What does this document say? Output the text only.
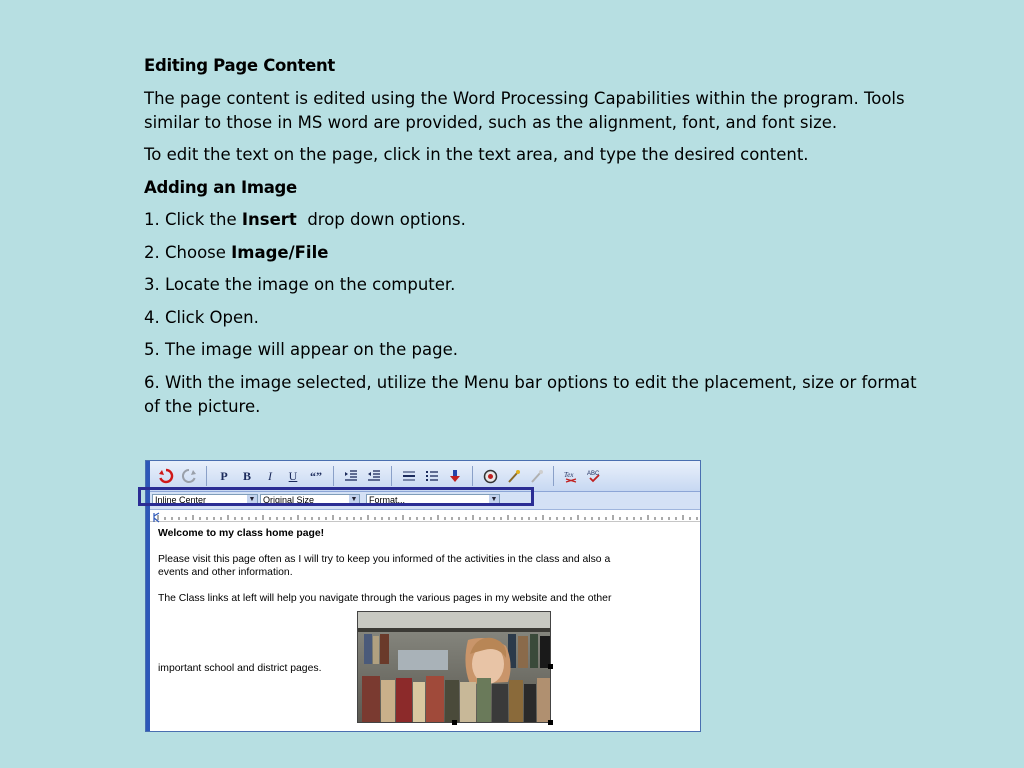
Editing Page Content

The page content is edited using the Word Processing Capabilities within the program. Tools similar to those in MS word are provided, such as the alignment, font, and font size.

To edit the text on the page, click in the text area, and type the desired content.

Adding an Image

1. Click the Insert  drop down options.

2. Choose Image/File

3. Locate the image on the computer.

4. Click Open.

5. The image will appear on the page.

6. With the image selected, utilize the Menu bar options to edit the placement, size or format of the picture.

P	B	I	U	“”	Tex ABC
Inline Center	▼ Original Size	▼	Format...	▼

Welcome to my class home page!

Please visit this page often as I will try to keep you informed of the activities in the class and also a
events and other information.

The Class links at left will help you navigate through the various pages in my website and the other

important school and district pages.
